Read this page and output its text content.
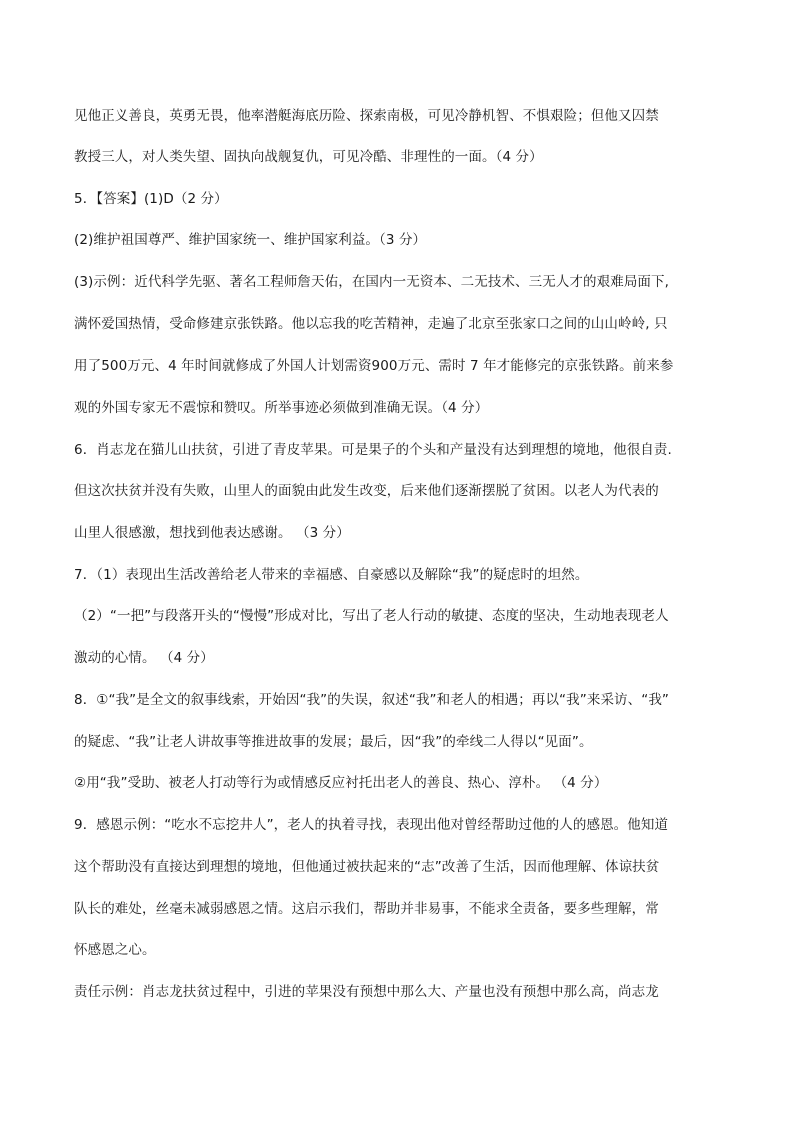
见他正义善良，英勇无畏，他率潜艇海底历险、探索南极，可见冷静机智、不惧艰险；但他又囚禁
教授三人，对人类失望、固执向战舰复仇，可见冷酷、非理性的一面。（4 分）
5．【答案】(1)D（2 分）
(2)维护祖国尊严、维护国家统一、维护国家利益。（3 分）
(3)示例：近代科学先驱、著名工程师詹天佑，在国内一无资本、二无技术、三无人才的艰难局面下,
满怀爱国热情，受命修建京张铁路。他以忘我的吃苦精神，走遍了北京至张家口之间的山山岭岭, 只
用了500万元、4 年时间就修成了外国人计划需资900万元、需时 7 年才能修完的京张铁路。前来参
观的外国专家无不震惊和赞叹。所举事迹必须做到准确无误。（4 分）
6．肖志龙在猫儿山扶贫，引进了青皮苹果。可是果子的个头和产量没有达到理想的境地，他很自责.
但这次扶贫并没有失败，山里人的面貌由此发生改变，后来他们逐渐摆脱了贫困。以老人为代表的
山里人很感激，想找到他表达感谢。 （3 分）
7．（1）表现出生活改善给老人带来的幸福感、自豪感以及解除“我”的疑虑时的坦然。
（2）“一把”与段落开头的“慢慢”形成对比，写出了老人行动的敏捷、态度的坚决，生动地表现老人
激动的心情。 （4 分）
8．①“我”是全文的叙事线索，开始因“我”的失误，叙述“我”和老人的相遇；再以“我”来采访、“我”
的疑虑、“我”让老人讲故事等推进故事的发展；最后，因“我”的牵线二人得以“见面”。
②用“我”受助、被老人打动等行为或情感反应衬托出老人的善良、热心、淳朴。 （4 分）
9．感恩示例：“吃水不忘挖井人”，老人的执着寻找，表现出他对曾经帮助过他的人的感恩。他知道
这个帮助没有直接达到理想的境地，但他通过被扶起来的“志”改善了生活，因而他理解、体谅扶贫
队长的难处，丝毫未减弱感恩之情。这启示我们，帮助并非易事，不能求全责备，要多些理解，常
怀感恩之心。
责任示例：肖志龙扶贫过程中，引进的苹果没有预想中那么大、产量也没有预想中那么高，尚志龙
